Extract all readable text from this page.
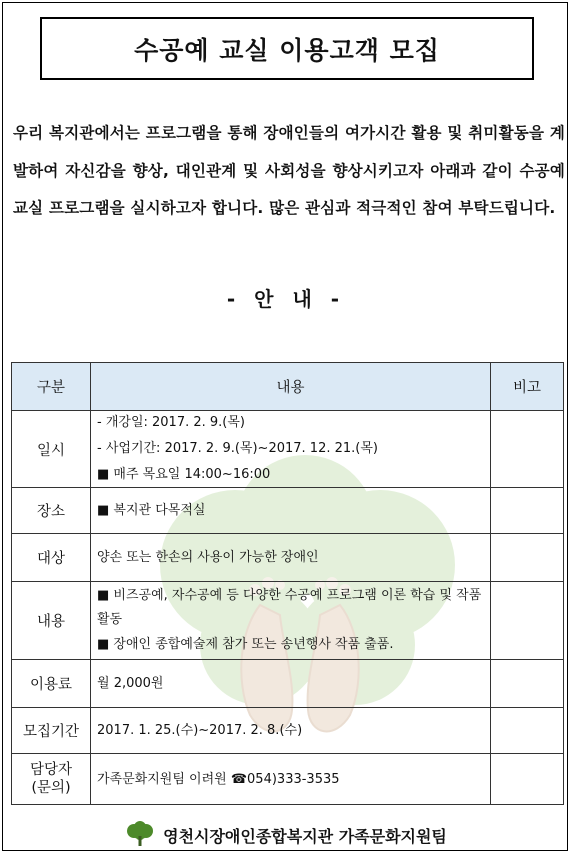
수공예 교실 이용고객 모집
우리 복지관에서는 프로그램을 통해 장애인들의 여가시간 활용 및 취미활동을 계발하여 자신감을 향상, 대인관계 및 사회성을 향상시키고자 아래과 같이 수공예 교실 프로그램을 실시하고자 합니다. 많은 관심과 적극적인 참여 부탁드립니다.
- 안 내 -
구분	내용	비고
일시	- 개강일: 2017. 2. 9.(목)
- 사업기간: 2017. 2. 9.(목)~2017. 12. 21.(목)
■ 매주 목요일 14:00~16:00	

장소	■ 복지관 다목적실	

대상	양손 또는 한손의 사용이 가능한 장애인	

내용	■ 비즈공예, 자수공예 등 다양한 수공예 프로그램 이론 학습 및 작품활동
■ 장애인 종합예술제 참가 또는 송년행사 작품 출품.	

이용료	월 2,000원	

모집기간	2017. 1. 25.(수)~2017. 2. 8.(수)	

담당자
(문의)	가족문화지원팀 이려원 ☎054)333-3535	

영천시장애인종합복지관 가족문화지원팀
